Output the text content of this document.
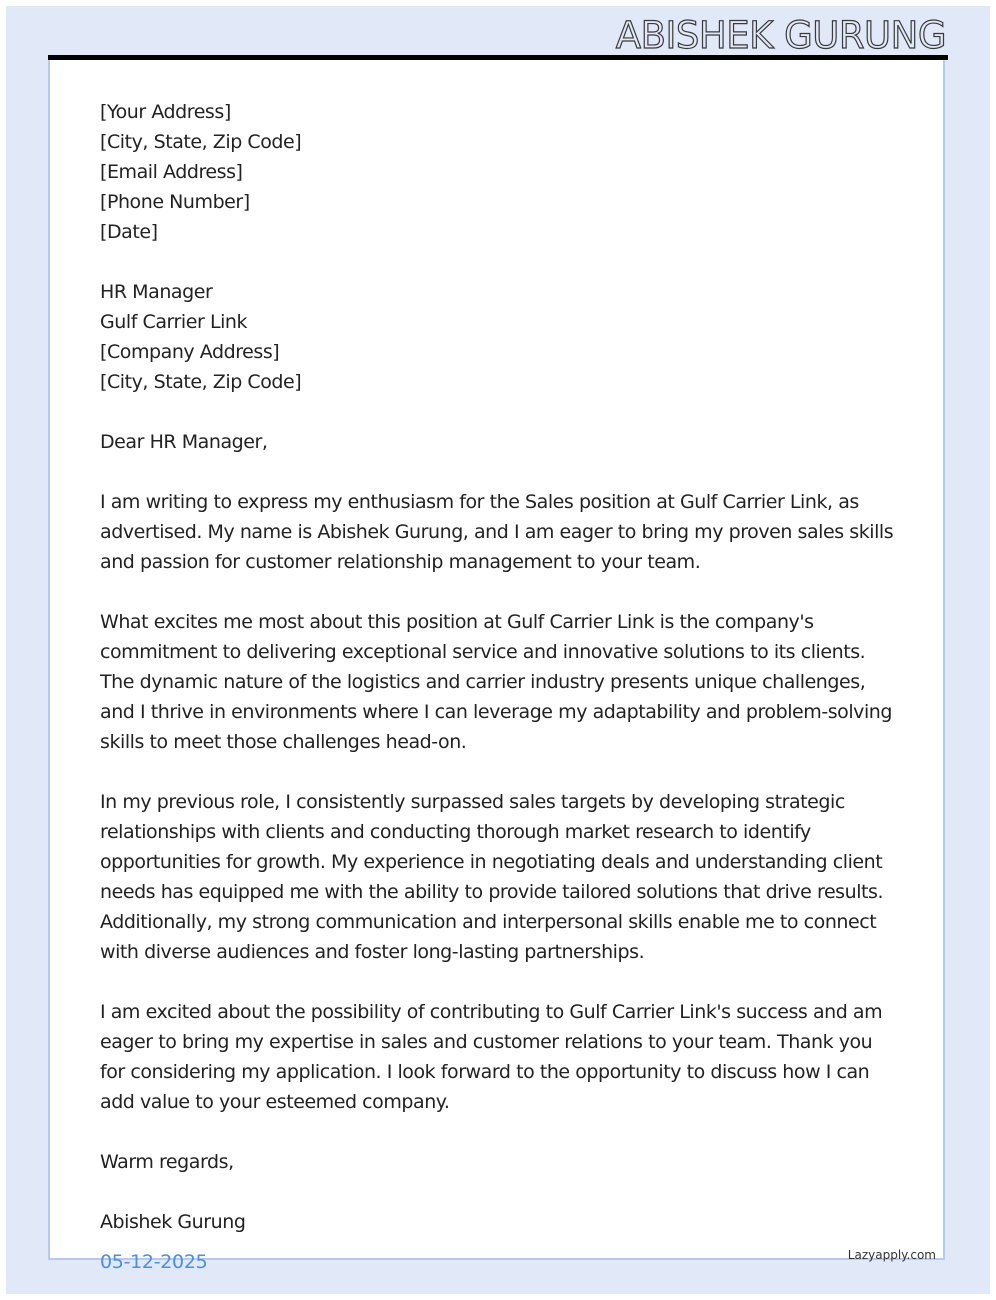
ABISHEK GURUNG
[Your Address]
[City, State, Zip Code]
[Email Address]
[Phone Number]
[Date]
HR Manager
Gulf Carrier Link
[Company Address]
[City, State, Zip Code]
Dear HR Manager,
I am writing to express my enthusiasm for the Sales position at Gulf Carrier Link, as advertised. My name is Abishek Gurung, and I am eager to bring my proven sales skills and passion for customer relationship management to your team.
What excites me most about this position at Gulf Carrier Link is the company's commitment to delivering exceptional service and innovative solutions to its clients. The dynamic nature of the logistics and carrier industry presents unique challenges, and I thrive in environments where I can leverage my adaptability and problem-solving skills to meet those challenges head-on.
In my previous role, I consistently surpassed sales targets by developing strategic relationships with clients and conducting thorough market research to identify opportunities for growth. My experience in negotiating deals and understanding client needs has equipped me with the ability to provide tailored solutions that drive results. Additionally, my strong communication and interpersonal skills enable me to connect with diverse audiences and foster long-lasting partnerships.
I am excited about the possibility of contributing to Gulf Carrier Link's success and am eager to bring my expertise in sales and customer relations to your team. Thank you for considering my application. I look forward to the opportunity to discuss how I can add value to your esteemed company.
Warm regards,
Abishek Gurung
05-12-2025	Lazyapply.com
